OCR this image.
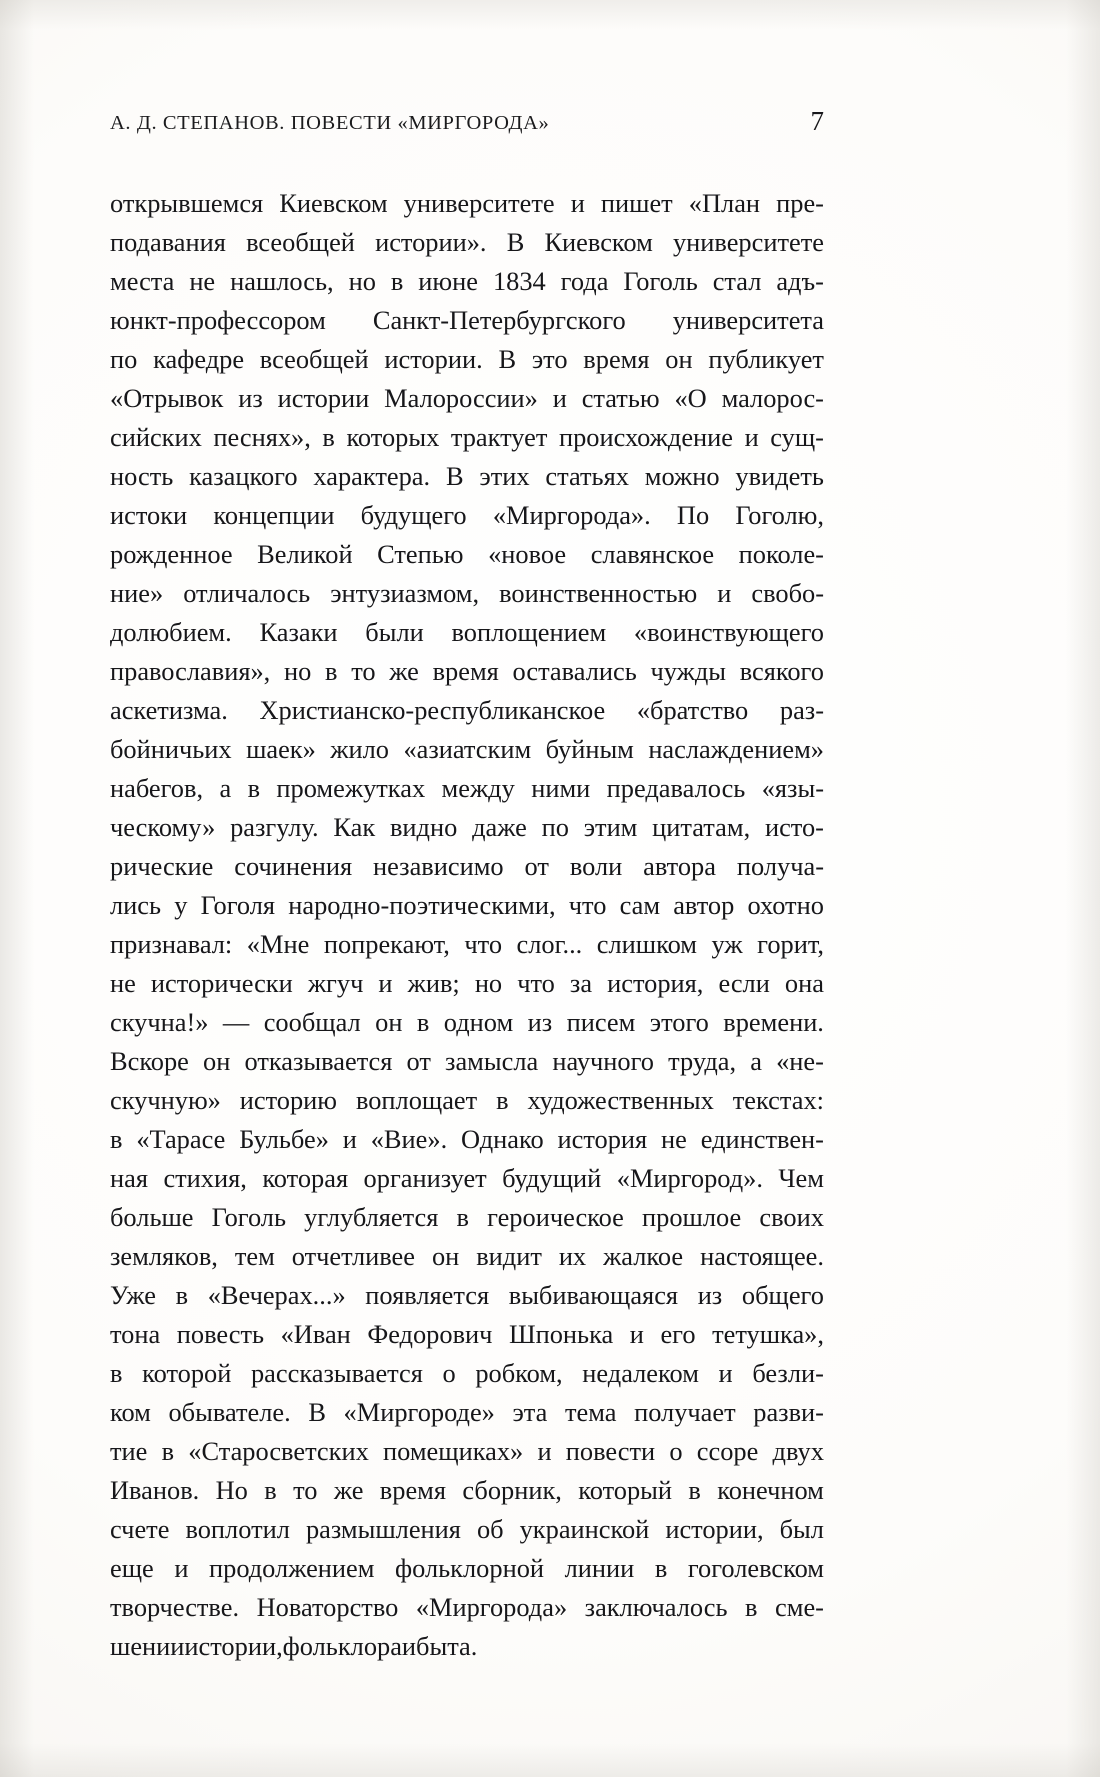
А. Д. СТЕПАНОВ. ПОВЕСТИ «МИРГОРОДА»	7
открывшемся Киевском университете и пишет «План пре-
подавания всеобщей истории». В Киевском университете
места не нашлось, но в июне 1834 года Гоголь стал адъ-
юнкт-профессором Санкт-Петербургского университета
по кафедре всеобщей истории. В это время он публикует
«Отрывок из истории Малороссии» и статью «О малорос-
сийских песнях», в которых трактует происхождение и сущ-
ность казацкого характера. В этих статьях можно увидеть
истоки концепции будущего «Миргорода». По Гоголю,
рожденное Великой Степью «новое славянское поколе-
ние» отличалось энтузиазмом, воинственностью и свобо-
долюбием. Казаки были воплощением «воинствующего
православия», но в то же время оставались чужды всякого
аскетизма. Христианско-республиканское «братство раз-
бойничьих шаек» жило «азиатским буйным наслаждением»
набегов, а в промежутках между ними предавалось «язы-
ческому» разгулу. Как видно даже по этим цитатам, исто-
рические сочинения независимо от воли автора получа-
лись у Гоголя народно-поэтическими, что сам автор охотно
признавал: «Мне попрекают, что слог... слишком уж горит,
не исторически жгуч и жив; но что за история, если она
скучна!» — сообщал он в одном из писем этого времени.
Вскоре он отказывается от замысла научного труда, а «не-
скучную» историю воплощает в художественных текстах:
в «Тарасе Бульбе» и «Вие». Однако история не единствен-
ная стихия, которая организует будущий «Миргород». Чем
больше Гоголь углубляется в героическое прошлое своих
земляков, тем отчетливее он видит их жалкое настоящее.
Уже в «Вечерах...» появляется выбивающаяся из общего
тона повесть «Иван Федорович Шпонька и его тетушка»,
в которой рассказывается о робком, недалеком и безли-
ком обывателе. В «Миргороде» эта тема получает разви-
тие в «Старосветских помещиках» и повести о ссоре двух
Иванов. Но в то же время сборник, который в конечном
счете воплотил размышления об украинской истории, был
еще и продолжением фольклорной линии в гоголевском
творчестве. Новаторство «Миргорода» заключалось в сме-
шении истории, фольклора и быта.
